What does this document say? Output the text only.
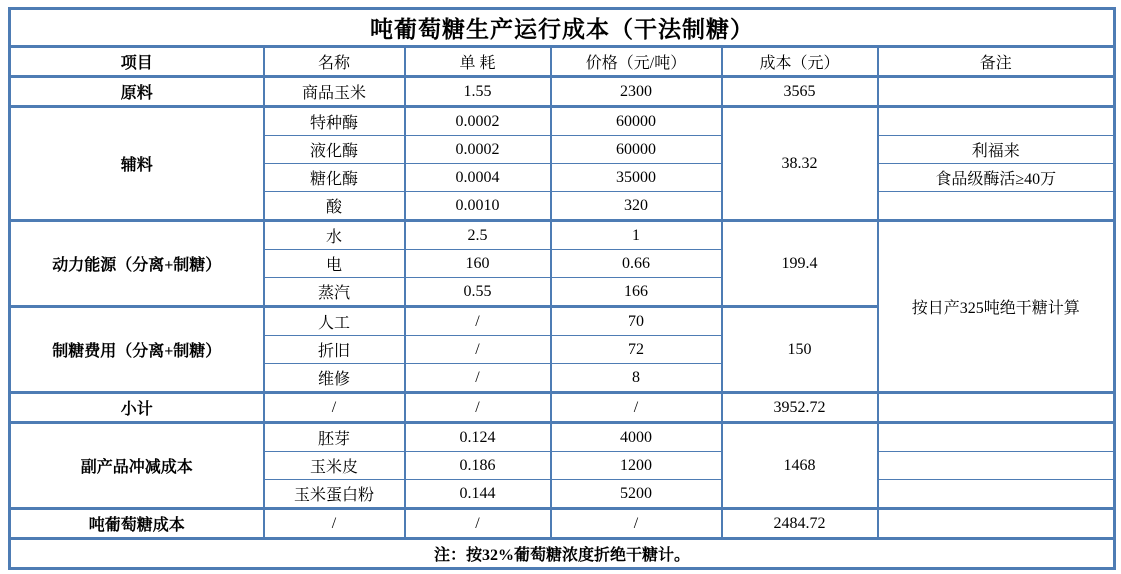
吨葡萄糖生产运行成本（干法制糖）					
项目	名称	单 耗	价格（元/吨）	成本（元）	备注
原料	商品玉米	1.55	2300	3565	
辅料	特种酶	0.0002	60000	38.32	
	液化酶	0.0002	60000		利福来
	糖化酶	0.0004	35000		食品级酶活≥40万
	酸	0.0010	320		
动力能源（分离+制糖）	水	2.5	1	199.4	按日产325吨绝干糖计算
	电	160	0.66		
	蒸汽	0.55	166		
制糖费用（分离+制糖）	人工	/	70	150	
	折旧	/	72		
	维修	/	8		
小计	/	/	/	3952.72	
副产品冲减成本	胚芽	0.124	4000	1468	
	玉米皮	0.186	1200		
	玉米蛋白粉	0.144	5200		
吨葡萄糖成本	/	/	/	2484.72	
注：按32%葡萄糖浓度折绝干糖计。					
